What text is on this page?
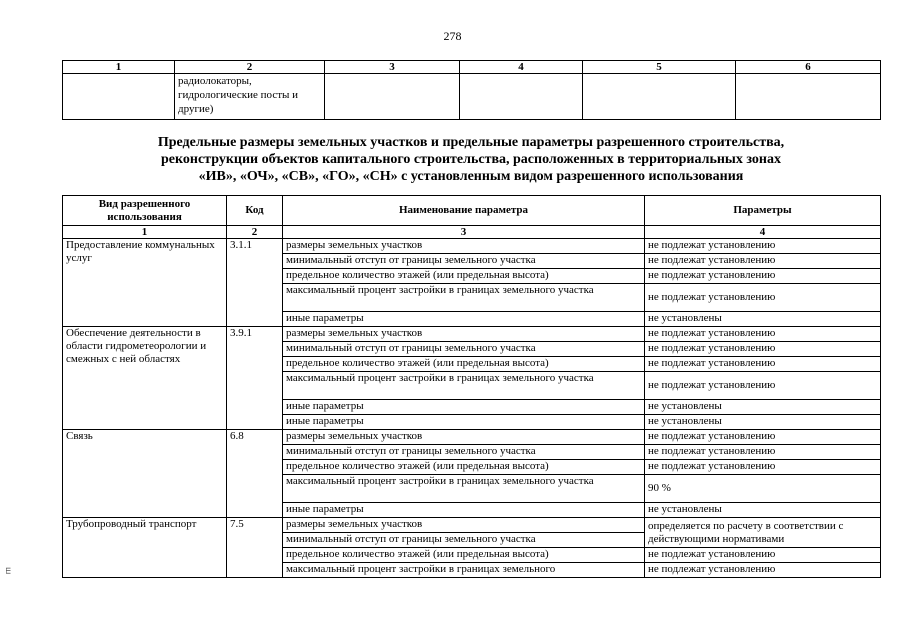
278
1	2	3	4	5	6
	радиолокаторы, гидрологические посты и другие)				
Предельные размеры земельных участков и предельные параметры разрешенного строительства,
реконструкции объектов капитального строительства, расположенных в территориальных зонах
«ИВ», «ОЧ», «СВ», «ГО», «СН» с установленным видом разрешенного использования
Вид разрешенного использования	Код	Наименование параметра	Параметры
1	2	3	4
Предоставление коммунальных услуг	3.1.1	размеры земельных участков	не подлежат установлению
		минимальный отступ от границы земельного участка	не подлежат установлению
		предельное количество этажей (или предельная высота)	не подлежат установлению
		максимальный процент застройки в границах земельного участка	не подлежат установлению
		иные параметры	не установлены
Обеспечение деятельности в области гидрометеорологии и смежных с ней областях	3.9.1	размеры земельных участков	не подлежат установлению
		минимальный отступ от границы земельного участка	не подлежат установлению
		предельное количество этажей (или предельная высота)	не подлежат установлению
		максимальный процент застройки в границах земельного участка	не подлежат установлению
		иные параметры	не установлены
		иные параметры	не установлены
Связь	6.8	размеры земельных участков	не подлежат установлению
		минимальный отступ от границы земельного участка	не подлежат установлению
		предельное количество этажей (или предельная высота)	не подлежат установлению
		максимальный процент застройки в границах земельного участка	90 %
		иные параметры	не установлены
Трубопроводный транспорт	7.5	размеры земельных участков	определяется по расчету в соответствии с действующими нормативами
		минимальный отступ от границы земельного участка	
		предельное количество этажей (или предельная высота)	не подлежат установлению
		максимальный процент застройки в границах земельного	не подлежат установлению
ш
